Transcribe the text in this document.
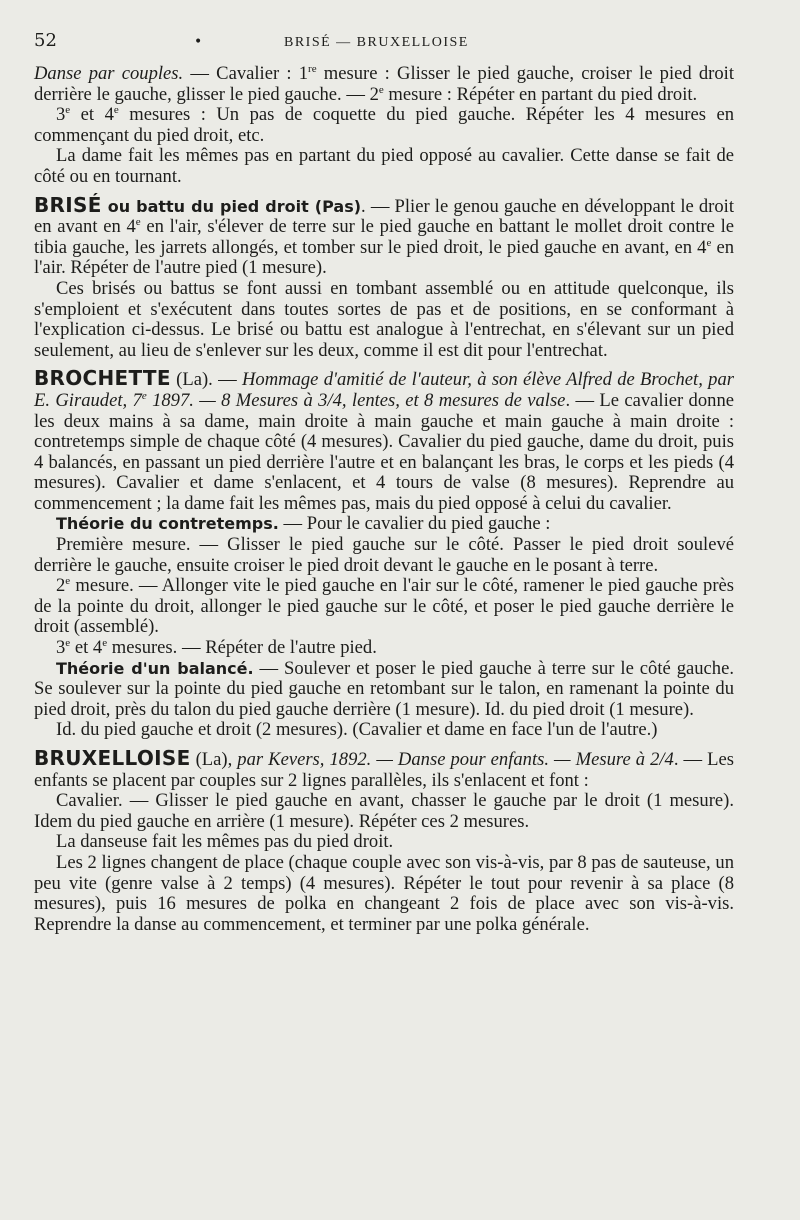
52	•	BRISÉ — BRUXELLOISE

Danse par couples. — Cavalier : 1re mesure : Glisser le pied gauche, croiser le pied droit derrière le gauche, glisser le pied gauche. — 2e mesure : Répéter en partant du pied droit.

3e et 4e mesures : Un pas de coquette du pied gauche. Répéter les 4 mesures en commençant du pied droit, etc.

La dame fait les mêmes pas en partant du pied opposé au cavalier. Cette danse se fait de côté ou en tournant.

BRISÉ ou battu du pied droit (Pas). — Plier le genou gauche en développant le droit en avant en 4e en l'air, s'élever de terre sur le pied gauche en battant le mollet droit contre le tibia gauche, les jarrets allongés, et tomber sur le pied droit, le pied gauche en avant, en 4e en l'air. Répéter de l'autre pied (1 mesure).

Ces brisés ou battus se font aussi en tombant assemblé ou en attitude quelconque, ils s'emploient et s'exécutent dans toutes sortes de pas et de positions, en se conformant à l'explication ci-dessus. Le brisé ou battu est analogue à l'entrechat, en s'élevant sur un pied seulement, au lieu de s'enlever sur les deux, comme il est dit pour l'entrechat.

BROCHETTE (La). — Hommage d'amitié de l'auteur, à son élève Alfred de Brochet, par E. Giraudet, 7e 1897. — 8 Mesures à 3/4, lentes, et 8 mesures de valse. — Le cavalier donne les deux mains à sa dame, main droite à main gauche et main gauche à main droite : contretemps simple de chaque côté (4 mesures). Cavalier du pied gauche, dame du droit, puis 4 balancés, en passant un pied derrière l'autre et en balançant les bras, le corps et les pieds (4 mesures). Cavalier et dame s'enlacent, et 4 tours de valse (8 mesures). Reprendre au commencement ; la dame fait les mêmes pas, mais du pied opposé à celui du cavalier.

Théorie du contretemps. — Pour le cavalier du pied gauche :

Première mesure. — Glisser le pied gauche sur le côté. Passer le pied droit soulevé derrière le gauche, ensuite croiser le pied droit devant le gauche en le posant à terre.

2e mesure. — Allonger vite le pied gauche en l'air sur le côté, ramener le pied gauche près de la pointe du droit, allonger le pied gauche sur le côté, et poser le pied gauche derrière le droit (assemblé).

3e et 4e mesures. — Répéter de l'autre pied.

Théorie d'un balancé. — Soulever et poser le pied gauche à terre sur le côté gauche. Se soulever sur la pointe du pied gauche en retombant sur le talon, en ramenant la pointe du pied droit, près du talon du pied gauche derrière (1 mesure). Id. du pied droit (1 mesure).

Id. du pied gauche et droit (2 mesures). (Cavalier et dame en face l'un de l'autre.)

BRUXELLOISE (La), par Kevers, 1892. — Danse pour enfants. — Mesure à 2/4. — Les enfants se placent par couples sur 2 lignes parallèles, ils s'enlacent et font :

Cavalier. — Glisser le pied gauche en avant, chasser le gauche par le droit (1 mesure). Idem du pied gauche en arrière (1 mesure). Répéter ces 2 mesures.

La danseuse fait les mêmes pas du pied droit.

Les 2 lignes changent de place (chaque couple avec son vis-à-vis, par 8 pas de sauteuse, un peu vite (genre valse à 2 temps) (4 mesures). Répéter le tout pour revenir à sa place (8 mesures), puis 16 mesures de polka en changeant 2 fois de place avec son vis-à-vis. Reprendre la danse au commencement, et terminer par une polka générale.
